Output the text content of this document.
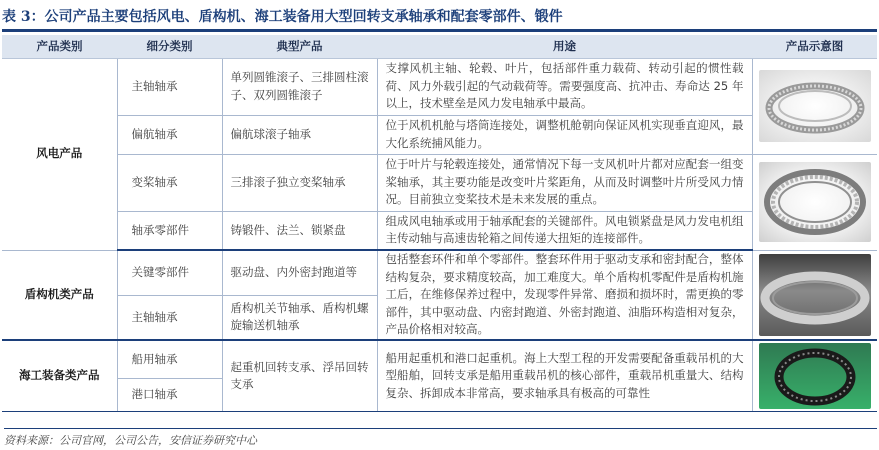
表 3：公司产品主要包括风电、盾构机、海工装备用大型回转支承轴承和配套零部件、锻件
产品类别	细分类别	典型产品	用途	产品示意图
风电产品	主轴轴承	单列圆锥滚子、三排圆柱滚子、双列圆锥滚子	支撑风机主轴、轮毂、叶片，包括部件重力载荷、转动引起的惯性载荷、风力外载引起的气动载荷等。需要强度高、抗冲击、寿命达 25 年以上，技术壁垒是风力发电轴承中最高。	

	偏航轴承	偏航球滚子轴承	位于风机机舱与塔筒连接处，调整机舱朝向保证风机实现垂直迎风，最大化系统捕风能力。	
	变桨轴承	三排滚子独立变桨轴承	位于叶片与轮毂连接处，通常情况下每一支风机叶片都对应配套一组变桨轴承，其主要功能是改变叶片桨距角，从而及时调整叶片所受风力情况。目前独立变桨技术是未来发展的重点。	

	轴承零部件	铸锻件、法兰、锁紧盘	组成风电轴承或用于轴承配套的关键部件。风电锁紧盘是风力发电机组主传动轴与高速齿轮箱之间传递大扭矩的连接部件。	
盾构机类产品	关键零部件	驱动盘、内外密封跑道等	包括整套环件和单个零部件。整套环件用于驱动支承和密封配合，整体结构复杂，要求精度较高，加工难度大。单个盾构机零配件是盾构机施工后，在维修保养过程中，发现零件异常、磨损和损坏时，需更换的零部件，其中驱动盘、内密封跑道、外密封跑道、油脂环构造相对复杂，产品价格相对较高。	

	主轴轴承	盾构机关节轴承、盾构机螺旋输送机轴承		
海工装备类产品	船用轴承	起重机回转支承、浮吊回转支承	船用起重机和港口起重机。海上大型工程的开发需要配备重载吊机的大型船舶，回转支承是船用重载吊机的核心部件，重载吊机重量大、结构复杂、拆卸成本非常高，要求轴承具有极高的可靠性	

	港口轴承			
资料来源：公司官网，公司公告，安信证券研究中心
